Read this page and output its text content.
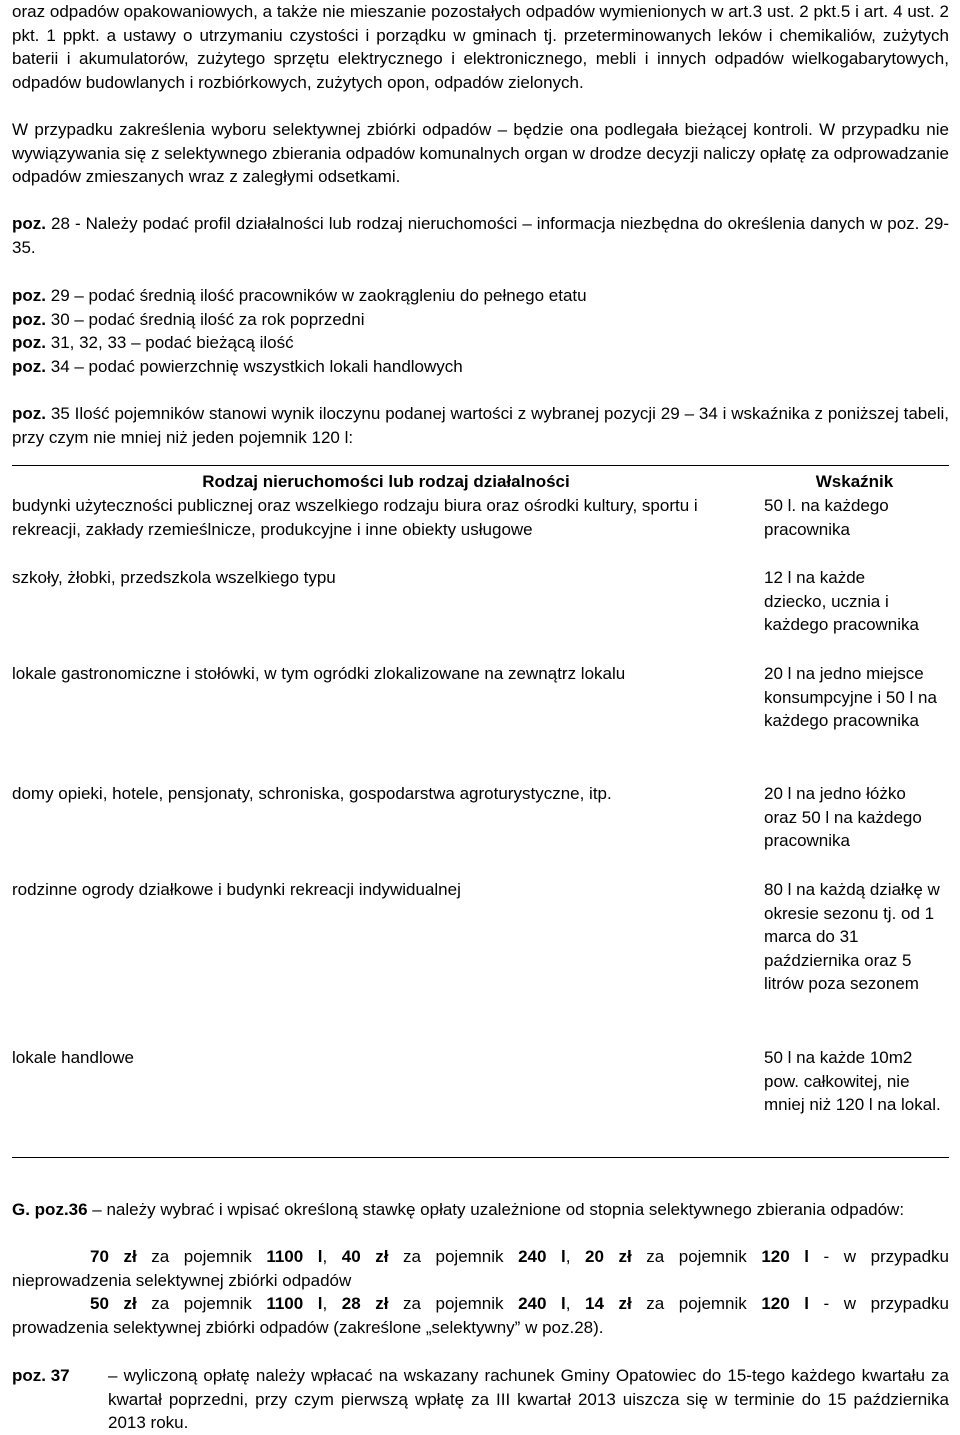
oraz odpadów opakowaniowych, a także nie mieszanie pozostałych odpadów wymienionych w art.3 ust. 2 pkt.5 i art. 4 ust. 2 pkt. 1 ppkt. a ustawy o utrzymaniu czystości i porządku w gminach tj. przeterminowanych leków i chemikaliów, zużytych baterii i akumulatorów, zużytego sprzętu elektrycznego i elektronicznego, mebli i innych odpadów wielkogabarytowych, odpadów budowlanych i rozbiórkowych, zużytych opon, odpadów zielonych.
W przypadku zakreślenia wyboru selektywnej zbiórki odpadów – będzie ona podlegała bieżącej kontroli. W przypadku nie wywiązywania się z selektywnego zbierania odpadów komunalnych organ w drodze decyzji naliczy opłatę za odprowadzanie odpadów zmieszanych wraz z zaległymi odsetkami.
poz. 28 - Należy podać profil działalności lub rodzaj nieruchomości – informacja niezbędna do określenia danych w poz. 29-35.
poz. 29 – podać średnią ilość pracowników w zaokrągleniu do pełnego etatu
poz. 30 – podać średnią ilość za rok poprzedni
poz. 31, 32, 33 – podać bieżącą ilość
poz. 34 – podać powierzchnię wszystkich lokali handlowych
poz. 35 Ilość pojemników stanowi wynik iloczynu podanej wartości z wybranej pozycji 29 – 34 i wskaźnika z poniższej tabeli, przy czym nie mniej niż jeden pojemnik 120 l:
Rodzaj nieruchomości lub rodzaj działalności	Wskaźnik
budynki użyteczności publicznej oraz wszelkiego rodzaju biura oraz ośrodki kultury, sportu i rekreacji, zakłady rzemieślnicze, produkcyjne i inne obiekty usługowe	50 l. na każdego pracownika
szkoły, żłobki, przedszkola wszelkiego typu	12 l na każde dziecko, ucznia i każdego pracownika
lokale gastronomiczne i stołówki, w tym ogródki zlokalizowane na zewnątrz lokalu	20 l na jedno miejsce konsumpcyjne i 50 l na każdego pracownika
domy opieki, hotele, pensjonaty, schroniska, gospodarstwa agroturystyczne, itp.	20 l na jedno łóżko oraz 50 l na każdego pracownika
rodzinne ogrody działkowe i budynki rekreacji indywidualnej	80 l na każdą działkę w okresie sezonu tj. od 1 marca do 31 października oraz 5 litrów poza sezonem
lokale handlowe	50 l na każde 10m2 pow. całkowitej, nie mniej niż 120 l na lokal.
G. poz.36 – należy wybrać i wpisać określoną stawkę opłaty uzależnione od stopnia selektywnego zbierania odpadów:
70 zł za pojemnik 1100 l, 40 zł za pojemnik 240 l, 20 zł za pojemnik 120 l - w przypadku
nieprowadzenia selektywnej zbiórki odpadów
50 zł za pojemnik 1100 l, 28 zł za pojemnik 240 l, 14 zł za pojemnik 120 l - w przypadku
prowadzenia selektywnej zbiórki odpadów (zakreślone „selektywny” w poz.28).
poz. 37	– wyliczoną opłatę należy wpłacać na wskazany rachunek Gminy Opatowiec do 15-tego każdego kwartału za kwartał poprzedni, przy czym pierwszą wpłatę za III kwartał 2013 uiszcza się w terminie do 15 października 2013 roku.
